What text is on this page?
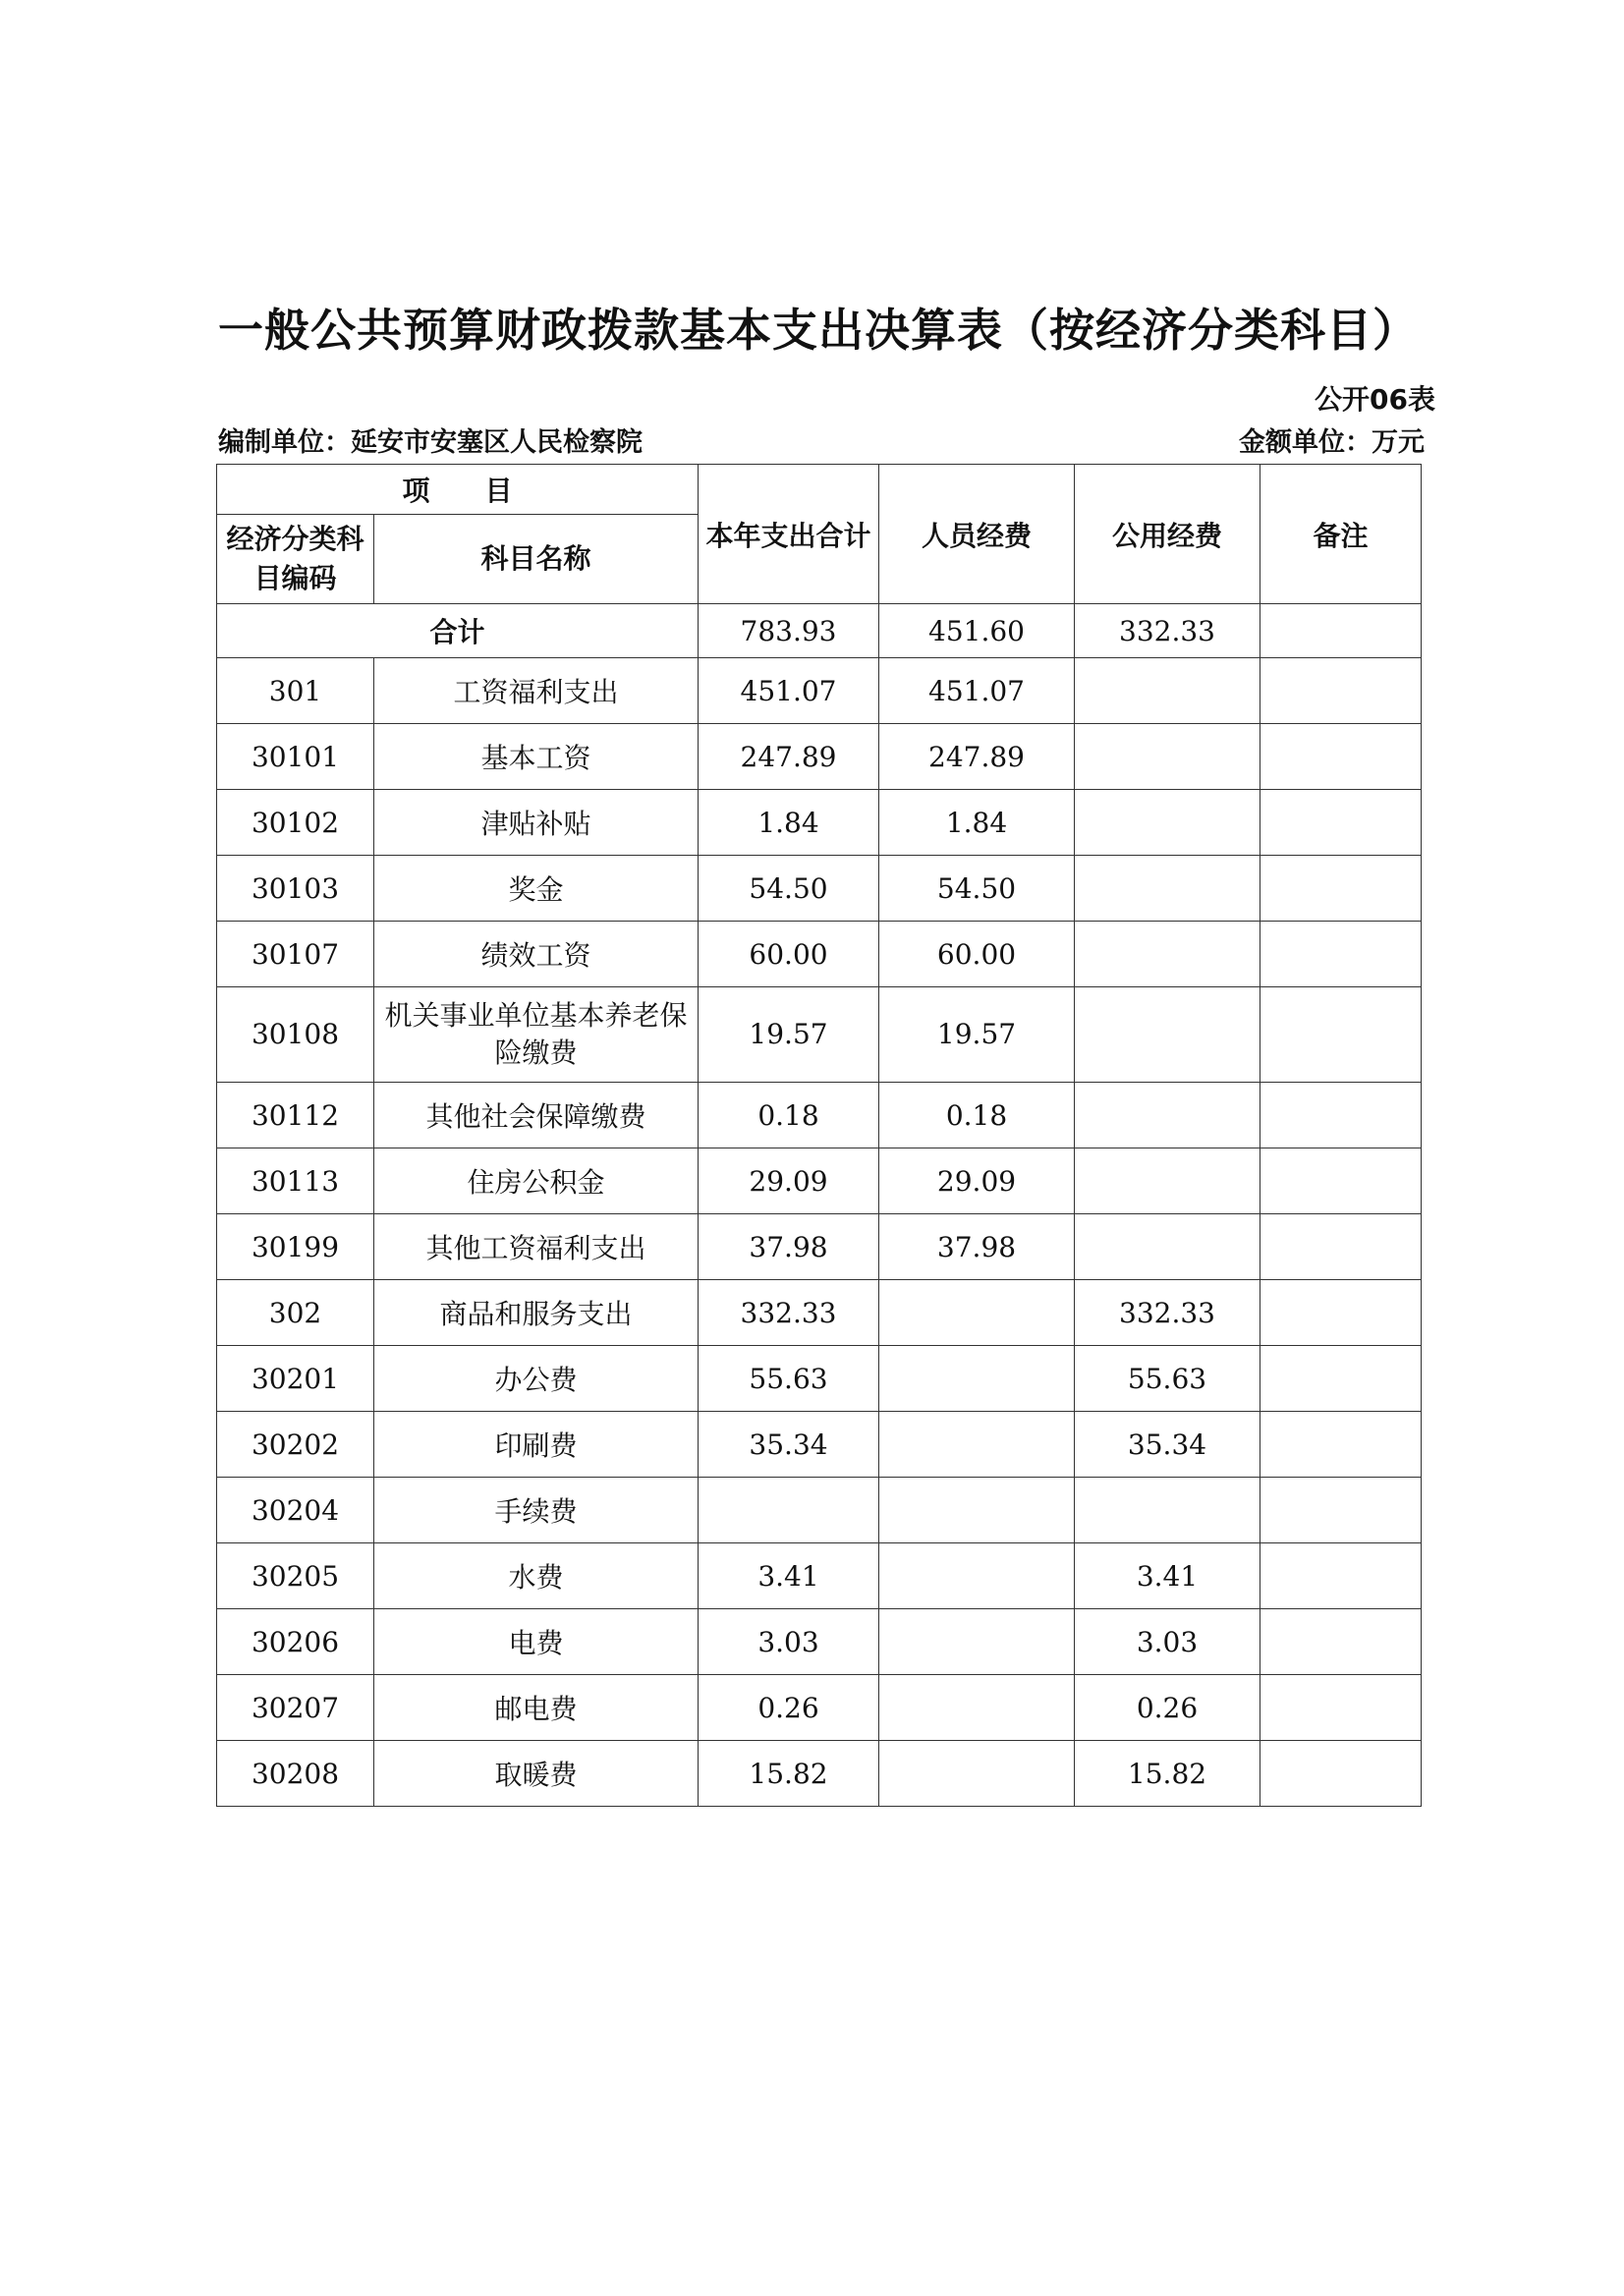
一般公共预算财政拨款基本支出决算表（按经济分类科目）
公开06表
编制单位：延安市安塞区人民检察院	金额单位：万元
项　　目		本年支出合计	人员经费	公用经费	备注
经济分类科目编码	科目名称				
合计		783.93	451.60	332.33	
301	工资福利支出	451.07	451.07		
30101	基本工资	247.89	247.89		
30102	津贴补贴	1.84	1.84		
30103	奖金	54.50	54.50		
30107	绩效工资	60.00	60.00		
30108	机关事业单位基本养老保险缴费	19.57	19.57		
30112	其他社会保障缴费	0.18	0.18		
30113	住房公积金	29.09	29.09		
30199	其他工资福利支出	37.98	37.98		
302	商品和服务支出	332.33		332.33	
30201	办公费	55.63		55.63	
30202	印刷费	35.34		35.34	
30204	手续费				
30205	水费	3.41		3.41	
30206	电费	3.03		3.03	
30207	邮电费	0.26		0.26	
30208	取暖费	15.82		15.82	
